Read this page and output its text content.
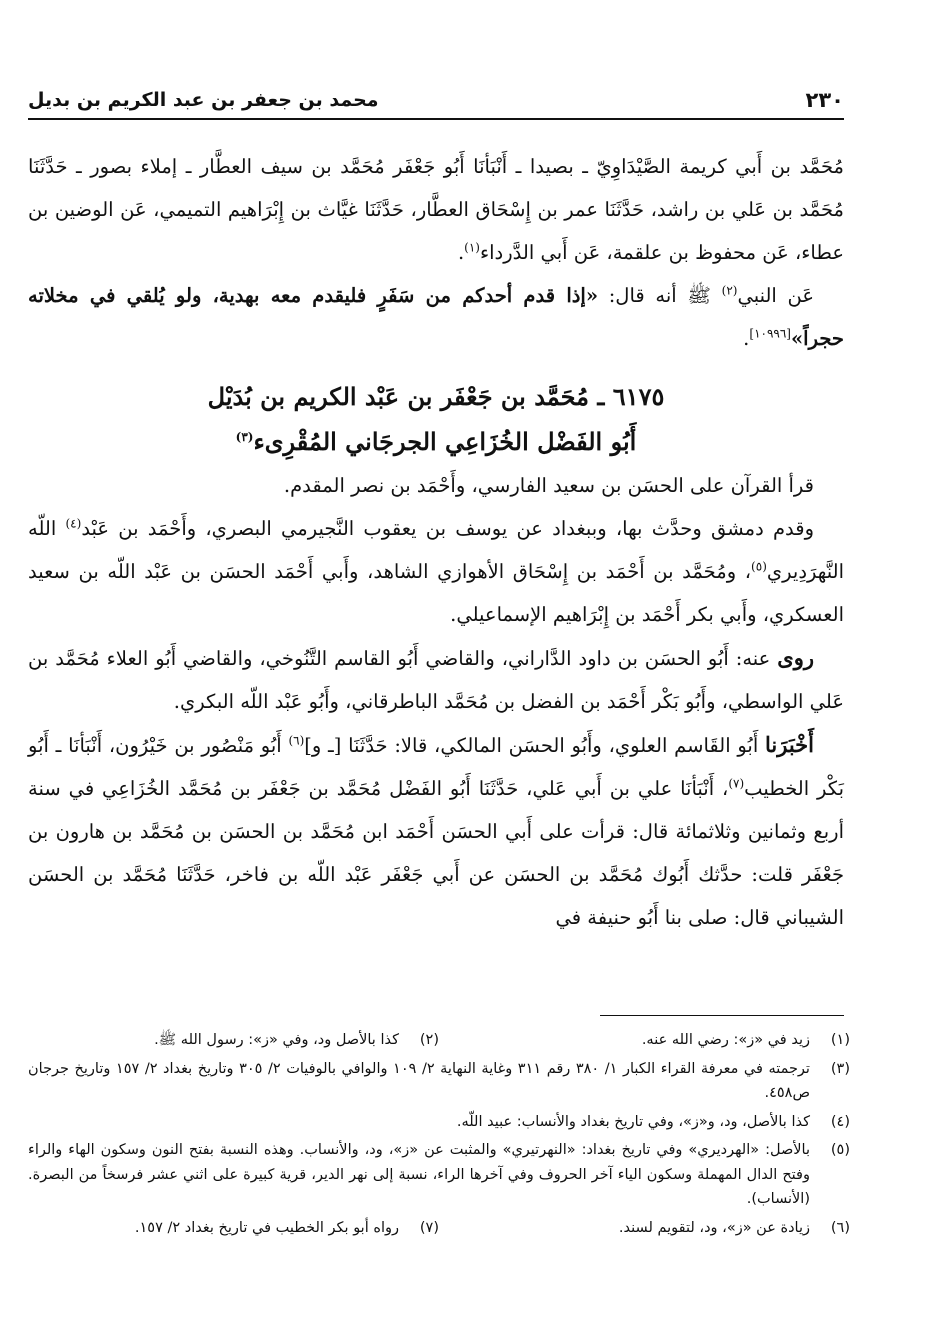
٢٣٠
محمد بن جعفر بن عبد الكريم بن بديل

مُحَمَّد بن أَبي كريمة الصَّيْدَاوِيّ ـ بصيدا ـ أَنْبَأنَا أَبُو جَعْفَر مُحَمَّد بن سيف العطَّار ـ إملاء بصور ـ حَدَّثَنَا مُحَمَّد بن عَلي بن راشد، حَدَّثَنَا عمر بن إِسْحَاق العطَّار، حَدَّثَنَا غيَّاث بن إِبْرَاهيم التميمي، عَن الوضين بن عطاء، عَن محفوظ بن علقمة، عَن أَبي الدَّرداء$^{(١)}$.

عَن النبي$^{(٢)}$ ﷺ أنه قال: «إذا قدم أحدكم من سَفَرٍ فليقدم معه بهدية، ولو يُلقي في مخلاته حجراً»[١٠٩٩٦].

٦١٧٥ ـ مُحَمَّد بن جَعْفَر بن عَبْد الكريم بن بُدَيْل
أَبُو الفَضْل الخُزَاعِي الجرجَاني المُقْرِىء$^{(٣)}$

قرأ القرآن على الحسَن بن سعيد الفارسي، وأَحْمَد بن نصر المقدم.

وقدم دمشق وحدَّث بها، وببغداد عن يوسف بن يعقوب النَّجيرمي البصري، وأَحْمَد بن عَبْد$^{(٤)}$ اللّه النَّهرَدِيري$^{(٥)}$، ومُحَمَّد بن أَحْمَد بن إِسْحَاق الأهوازي الشاهد، وأَبي أَحْمَد الحسَن بن عَبْد اللّه بن سعيد العسكري، وأَبي بكر أَحْمَد بن إِبْرَاهيم الإسماعيلي.

روى عنه: أَبُو الحسَن بن داود الدَّاراني، والقاضي أَبُو القاسم التَّنُوخي، والقاضي أَبُو العلاء مُحَمَّد بن عَلي الواسطي، وأَبُو بَكْر أَحْمَد بن الفضل بن مُحَمَّد الباطرقاني، وأَبُو عَبْد اللّه البكري.

أَخْبَرَنا أَبُو القَاسم العلوي، وأَبُو الحسَن المالكي، قالا: حَدَّثَنَا [ـ و]$^{(٦)}$ أَبُو مَنْصُور بن خَيْرُون، أَنْبَأنَا ـ أَبُو بَكْر الخطيب$^{(٧)}$، أَنْبَأنَا علي بن أَبي عَلي، حَدَّثَنَا أَبُو الفَضْل مُحَمَّد بن جَعْفَر بن مُحَمَّد الخُزَاعِي في سنة أربع وثمانين وثلاثمائة قال: قرأت على أَبي الحسَن أَحْمَد ابن مُحَمَّد بن الحسَن بن مُحَمَّد بن هارون بن جَعْفَر قلت: حدَّثك أَبُوك مُحَمَّد بن الحسَن عن أَبي جَعْفَر عَبْد اللّه بن فاخر، حَدَّثَنَا مُحَمَّد بن الحسَن الشيباني قال: صلى بنا أَبُو حنيفة في

(١)
زيد في «ز»: رضي الله عنه.
(٢)
كذا بالأصل ود، وفي «ز»: رسول الله ﷺ.
(٣)
ترجمته في معرفة القراء الكبار ١/ ٣٨٠ رقم ٣١١ وغاية النهاية ٢/ ١٠٩ والوافي بالوفيات ٢/ ٣٠٥ وتاريخ بغداد ٢/ ١٥٧ وتاريخ جرجان ص٤٥٨.
(٤)
كذا بالأصل، ود، و«ز»، وفي تاريخ بغداد والأنساب: عبيد اللّه.
(٥)
بالأصل: «الهرديري» وفي تاريخ بغداد: «النهرتيري» والمثبت عن «ز»، ود، والأنساب. وهذه النسبة بفتح النون وسكون الهاء والراء وفتح الدال المهملة وسكون الياء آخر الحروف وفي آخرها الراء، نسبة إلى نهر الدير، قرية كبيرة على اثني عشر فرسخاً من البصرة. (الأنساب).
(٦)
زيادة عن «ز»، ود، لتقويم لسند.
(٧)
رواه أبو بكر الخطيب في تاريخ بغداد ٢/ ١٥٧.
